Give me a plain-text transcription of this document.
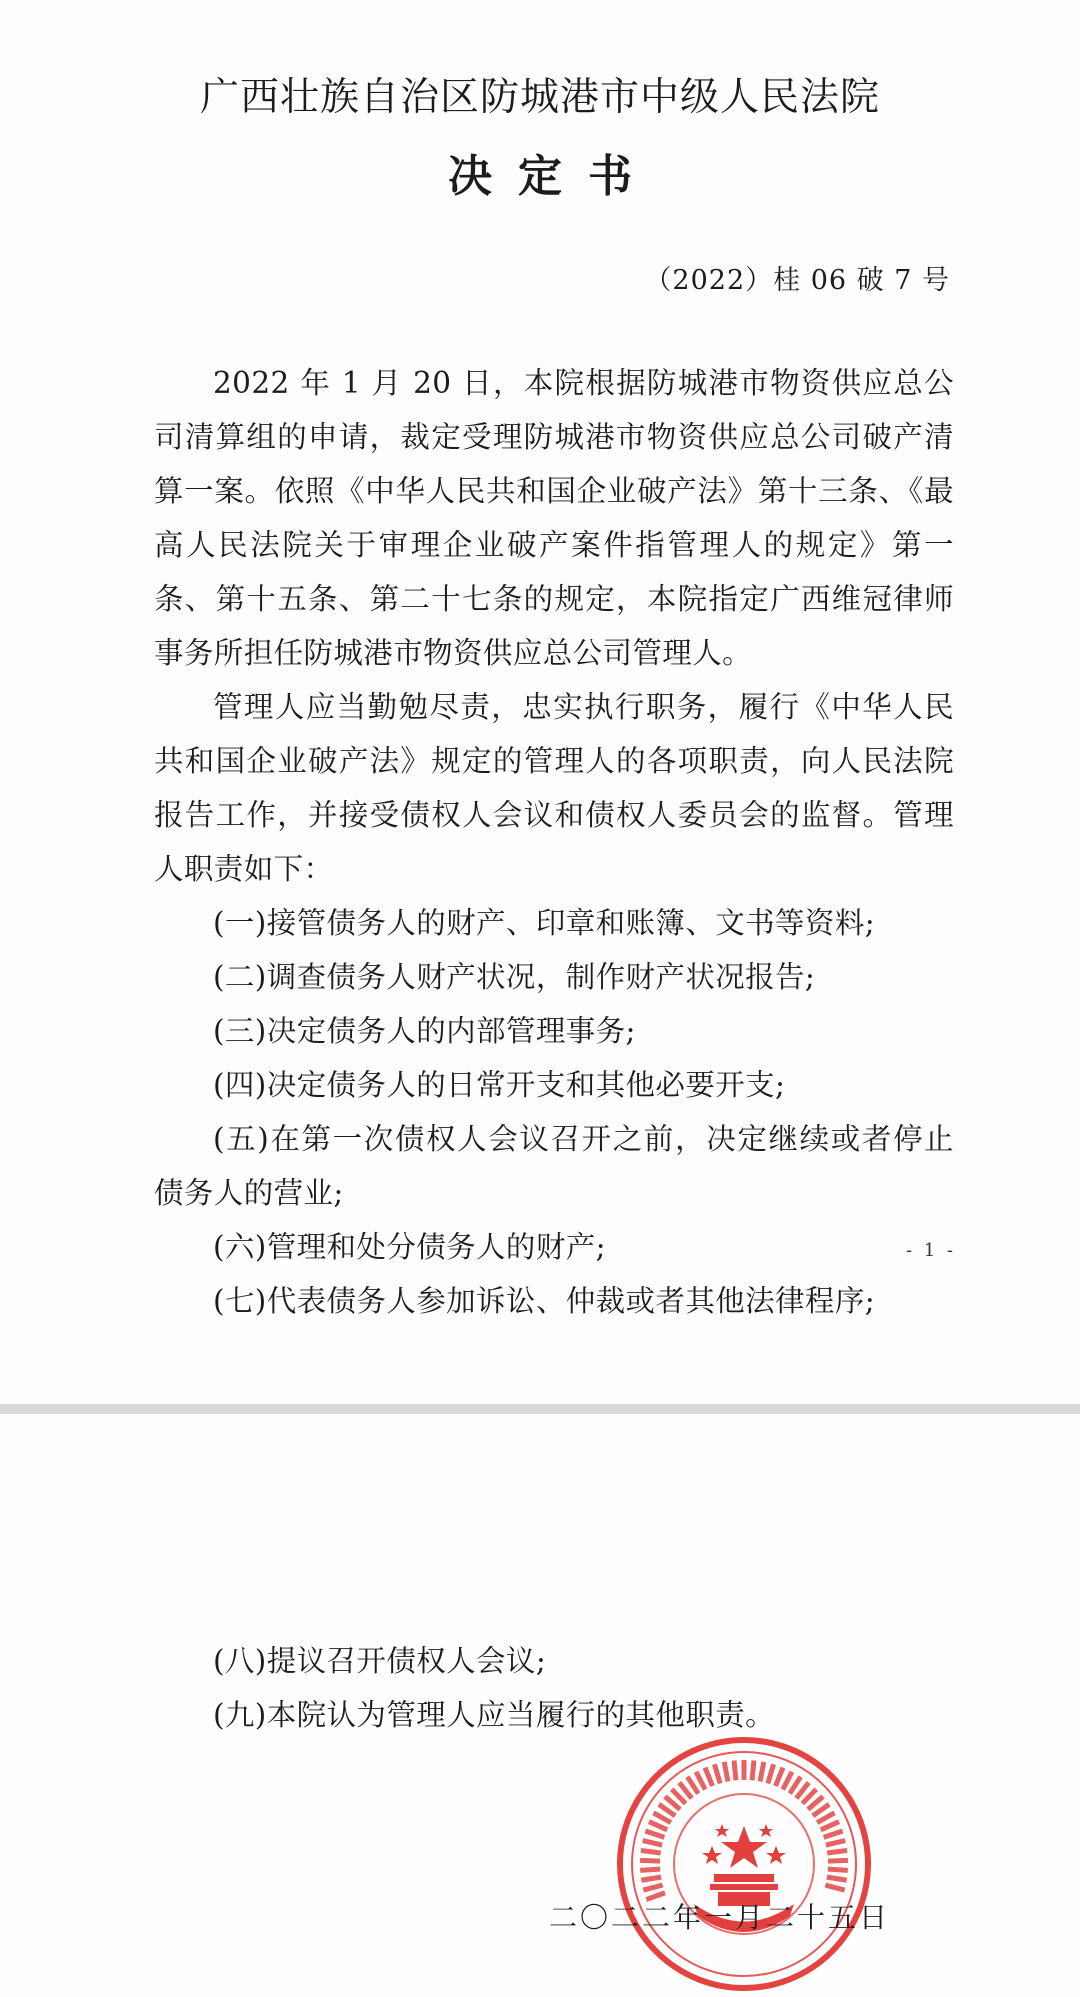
广西壮族自治区防城港市中级人民法院
决定书
（2022）桂 06 破 7 号

2022 年 1 月 20 日，本院根据防城港市物资供应总公司清算组的申请，裁定受理防城港市物资供应总公司破产清算一案。依照《中华人民共和国企业破产法》第十三条、《最高人民法院关于审理企业破产案件指管理人的规定》第一条、第十五条、第二十七条的规定，本院指定广西维冠律师事务所担任防城港市物资供应总公司管理人。

管理人应当勤勉尽责，忠实执行职务，履行《中华人民共和国企业破产法》规定的管理人的各项职责，向人民法院报告工作，并接受债权人会议和债权人委员会的监督。管理人职责如下：

(一)接管债务人的财产、印章和账簿、文书等资料;

(二)调查债务人财产状况，制作财产状况报告;

(三)决定债务人的内部管理事务;

(四)决定债务人的日常开支和其他必要开支;

(五)在第一次债权人会议召开之前，决定继续或者停止债务人的营业;

(六)管理和处分债务人的财产;

(七)代表债务人参加诉讼、仲裁或者其他法律程序;

- 1 -

(八)提议召开债权人会议;

(九)本院认为管理人应当履行的其他职责。

二〇二二年一月二十五日
